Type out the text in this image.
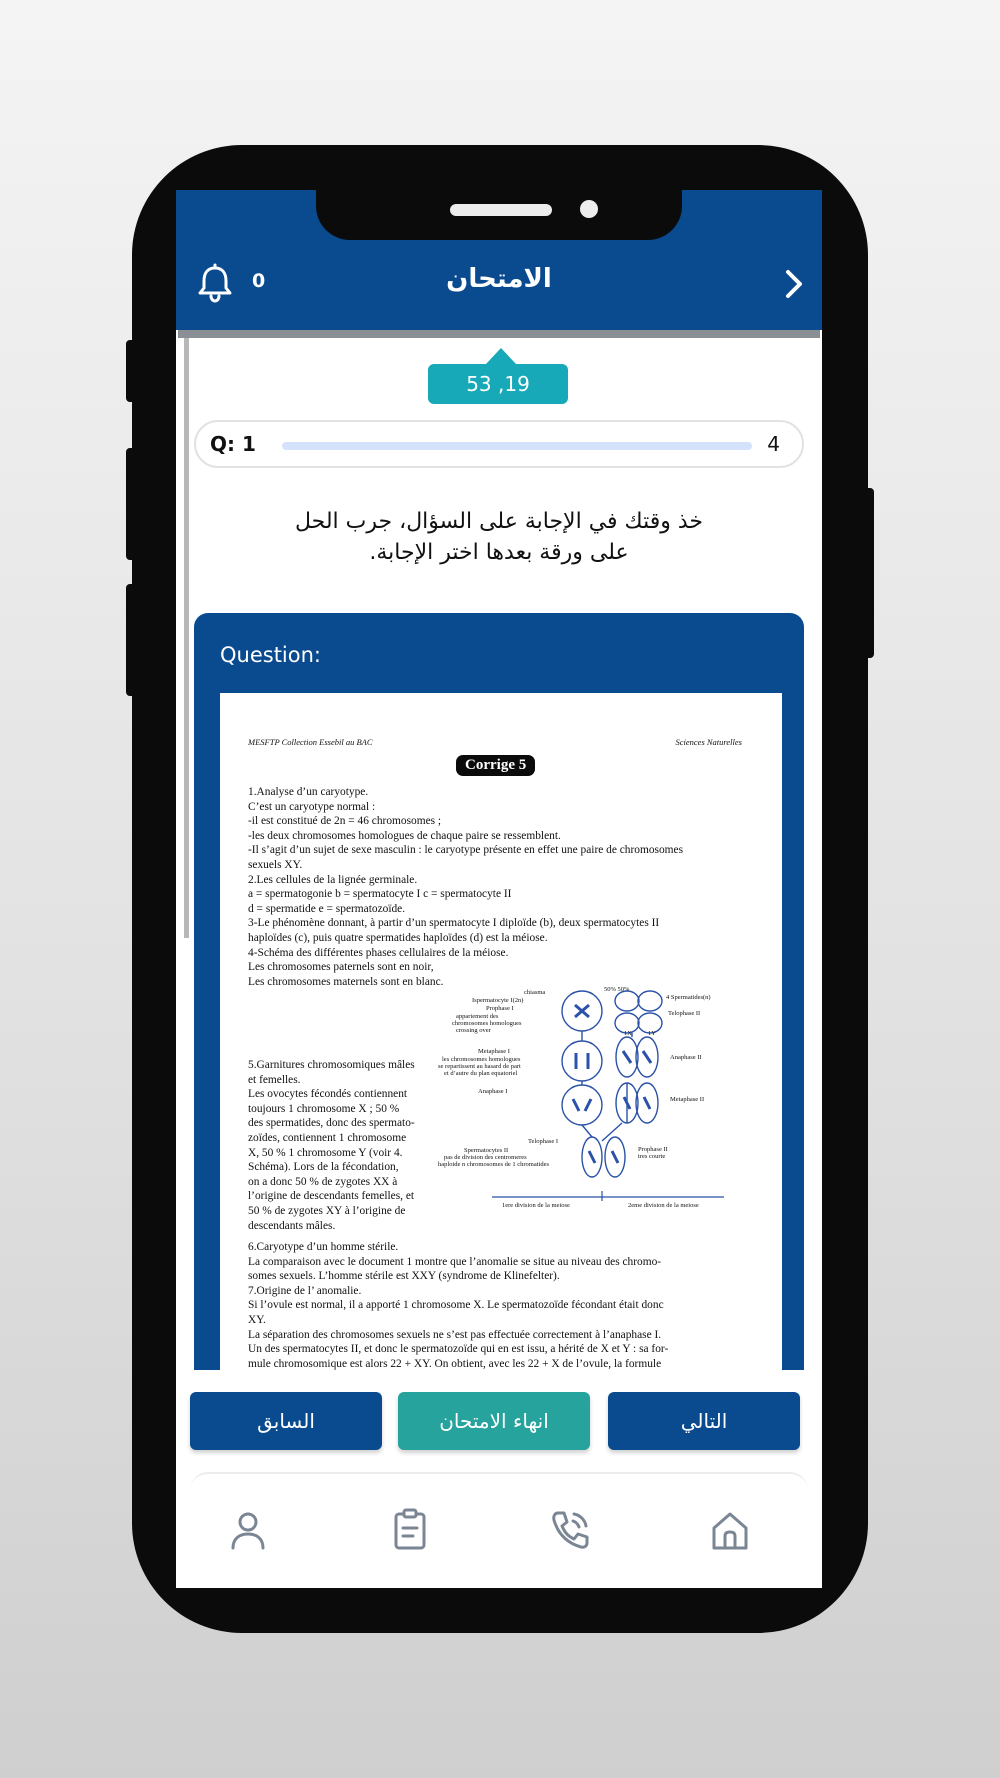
0	الامتحان
53 ,19
Q: 1	4
خذ وقتك في الإجابة على السؤال، جرب الحل
على ورقة بعدها اختر الإجابة.
Question:
MESFTP Collection Essebil au BAC	Sciences Naturelles
Corrige 5
1.Analyse d’un caryotype.
C’est un caryotype normal :
-il est constitué de 2n = 46 chromosomes ;
-les deux chromosomes homologues de chaque paire se ressemblent.
-Il s’agit d’un sujet de sexe masculin : le caryotype présente en effet une paire de chromosomes
sexuels XY.
2.Les cellules de la lignée germinale.
a = spermatogonie b = spermatocyte I c = spermatocyte II
d = spermatide e = spermatozoïde.
3-Le phénomène donnant, à partir d’un spermatocyte I diploïde (b), deux spermatocytes II
haploïdes (c), puis quatre spermatides haploïdes (d) est la méiose.
4-Schéma des différentes phases cellulaires de la méiose.
Les chromosomes paternels sont en noir,
Les chromosomes maternels sont en blanc.
5.Garnitures chromosomiques mâles
et femelles.
Les ovocytes fécondés contiennent
toujours 1 chromosome X ; 50 %
des spermatides, donc des spermato-
zoïdes, contiennent 1 chromosome
X, 50 % 1 chromosome Y (voir 4.
Schéma). Lors de la fécondation,
on a donc 50 % de zygotes XX à
l’origine de descendants femelles, et
50 % de zygotes XY à l’origine de
descendants mâles.
chiasma
Ispermatocyte I(2n)
Prophase I
appariement des
chromosomes homologues
crossing over
Metaphase I
les chromosomes homologues
se repartissent au hasard de part
et d’autre du plan equatoriel
Anaphase I
Telophase I
Spermatocytes II
pas de division des centromeres
haploide n chromosomes de 1 chromatides
50% 50%
4 Spermatides(n)
Telophase II
1X 1Y
Anaphase II
Metaphase II
Prophase II
tres courte
1ere division de la meiose	2eme division de la meiose
6.Caryotype d’un homme stérile.
La comparaison avec le document 1 montre que l’anomalie se situe au niveau des chromo-
somes sexuels. L’homme stérile est XXY (syndrome de Klinefelter).
7.Origine de l’ anomalie.
Si l’ovule est normal, il a apporté 1 chromosome X. Le spermatozoïde fécondant était donc
XY.
La séparation des chromosomes sexuels ne s’est pas effectuée correctement à l’anaphase I.
Un des spermatocytes II, et donc le spermatozoïde qui en est issu, a hérité de X et Y : sa for-
mule chromosomique est alors 22 + XY. On obtient, avec les 22 + X de l’ovule, la formule
السابق	انهاء الامتحان	التالي
